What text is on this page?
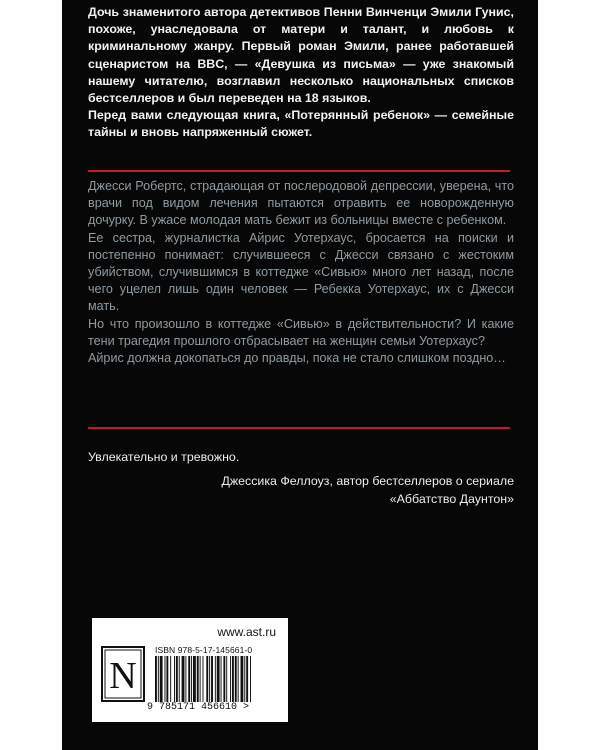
Дочь знаменитого автора детективов Пенни Винченци Эмили Гунис, похоже, унаследовала от матери и талант, и любовь к криминальному жанру. Первый роман Эмили, ранее работавшей сценаристом на BBC, — «Девушка из письма» — уже знакомый нашему читателю, возглавил несколько национальных списков бестселлеров и был переведен на 18 языков.

Перед вами следующая книга, «Потерянный ребенок» — семейные тайны и вновь напряженный сюжет.

Джесси Робертс, страдающая от послеродовой депрессии, уверена, что врачи под видом лечения пытаются отравить ее новорожденную дочурку. В ужасе молодая мать бежит из больницы вместе с ребенком.

Ее сестра, журналистка Айрис Уотерхаус, бросается на поиски и постепенно понимает: случившееся с Джесси связано с жестоким убийством, случившимся в коттедже «Сивью» много лет назад, после чего уцелел лишь один человек — Ребекка Уотерхаус, их с Джесси мать.

Но что произошло в коттедже «Сивью» в действительности? И какие тени трагедия прошлого отбрасывает на женщин семьи Уотерхаус?

Айрис должна докопаться до правды, пока не стало слишком поздно…

Увлекательно и тревожно.
Джессика Феллоуз, автор бестселлеров о сериале
«Аббатство Даунтон»
www.ast.ru
N
ISBN 978-5-17-145661-0
9 785171 456610 >
